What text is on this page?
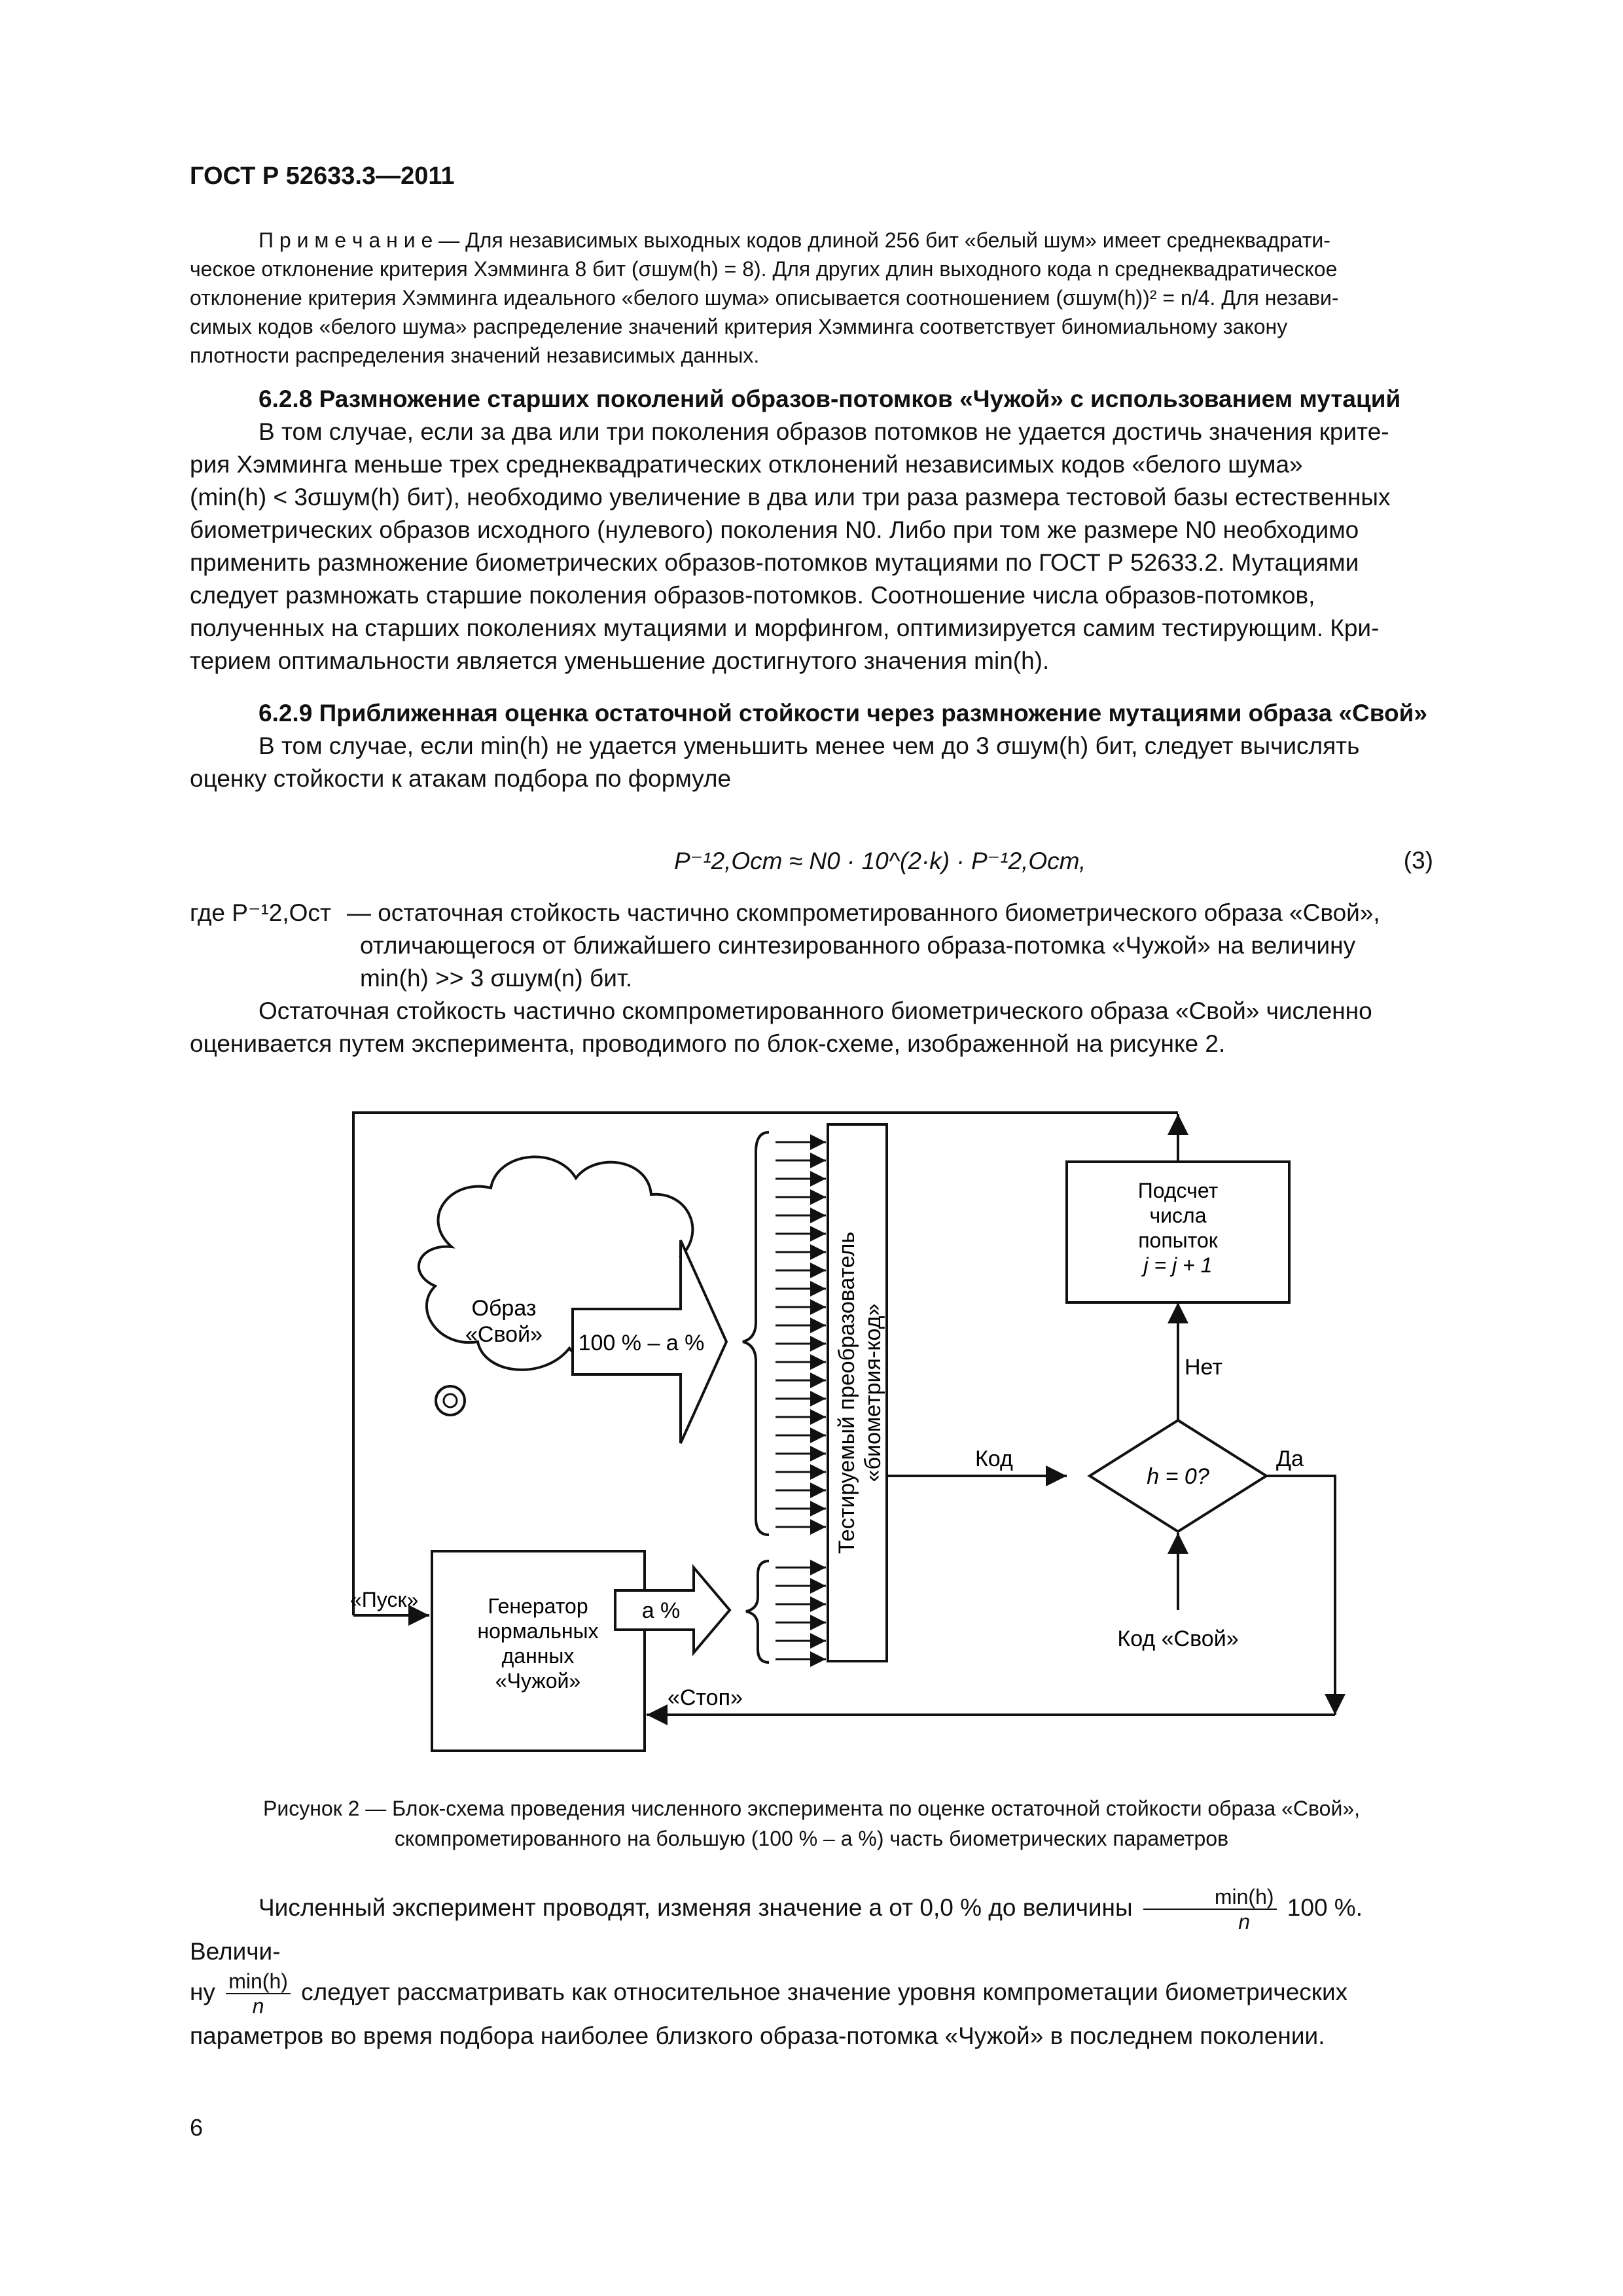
ГОСТ Р 52633.3—2011

П р и м е ч а н и е — Для независимых выходных кодов длиной 256 бит «белый шум» имеет среднеквадрати-

ческое отклонение критерия Хэмминга 8 бит (σшум(h) = 8). Для других длин выходного кода n среднеквадратическое

отклонение критерия Хэмминга идеального «белого шума» описывается соотношением (σшум(h))² = n/4. Для незави-

симых кодов «белого шума» распределение значений критерия Хэмминга соответствует биномиальному закону

плотности распределения значений независимых данных.

6.2.8 Размножение старших поколений образов-потомков «Чужой» с использованием мутаций

В том случае, если за два или три поколения образов потомков не удается достичь значения крите-

рия Хэмминга меньше трех среднеквадратических отклонений независимых кодов «белого шума»

(min(h) < 3σшум(h) бит), необходимо увеличение в два или три раза размера тестовой базы естественных

биометрических образов исходного (нулевого) поколения N0. Либо при том же размере N0 необходимо

применить размножение биометрических образов-потомков мутациями по ГОСТ Р 52633.2. Мутациями

следует размножать старшие поколения образов-потомков. Соотношение числа образов-потомков,

полученных на старших поколениях мутациями и морфингом, оптимизируется самим тестирующим. Кри-

терием оптимальности является уменьшение достигнутого значения min(h).

6.2.9 Приближенная оценка остаточной стойкости через размножение мутациями образа «Свой»

В том случае, если min(h) не удается уменьшить менее чем до 3 σшум(h) бит, следует вычислять

оценку стойкости к атакам подбора по формуле

P⁻¹2,Ост ≈ N0 · 10^(2·k) · P⁻¹2,Ост,	(3)
где P⁻¹2,Ост — остаточная стойкость частично скомпрометированного биометрического образа «Свой»,
отличающегося от ближайшего синтезированного образа-потомка «Чужой» на величину
min(h) >> 3 σшум(n) бит.
Остаточная стойкость частично скомпрометированного биометрического образа «Свой» численно
оценивается путем эксперимента, проводимого по блок-схеме, изображенной на рисунке 2.
Образ
«Свой» 100 % – a %	Тестируемый преобразователь «биометрия-код»	Код
h = 0?
Нет
Подсчет
числа
попыток
j = j + 1
Код «Свой»
Да
«Стоп»
Генератор
нормальных
данных
«Чужой»
«Пуск»	a %
Рисунок 2 — Блок-схема проведения численного эксперимента по оценке остаточной стойкости образа «Свой»,
скомпрометированного на большую (100 % – a %) часть биометрических параметров
Численный эксперимент проводят, изменяя значение a от 0,0 % до величины $\frac{\min(h)}{n} 100$ %. Величи-
ну $\frac{\min(h)}{n}$ следует рассматривать как относительное значение уровня компрометации биометрических
параметров во время подбора наиболее близкого образа-потомка «Чужой» в последнем поколении.
6
